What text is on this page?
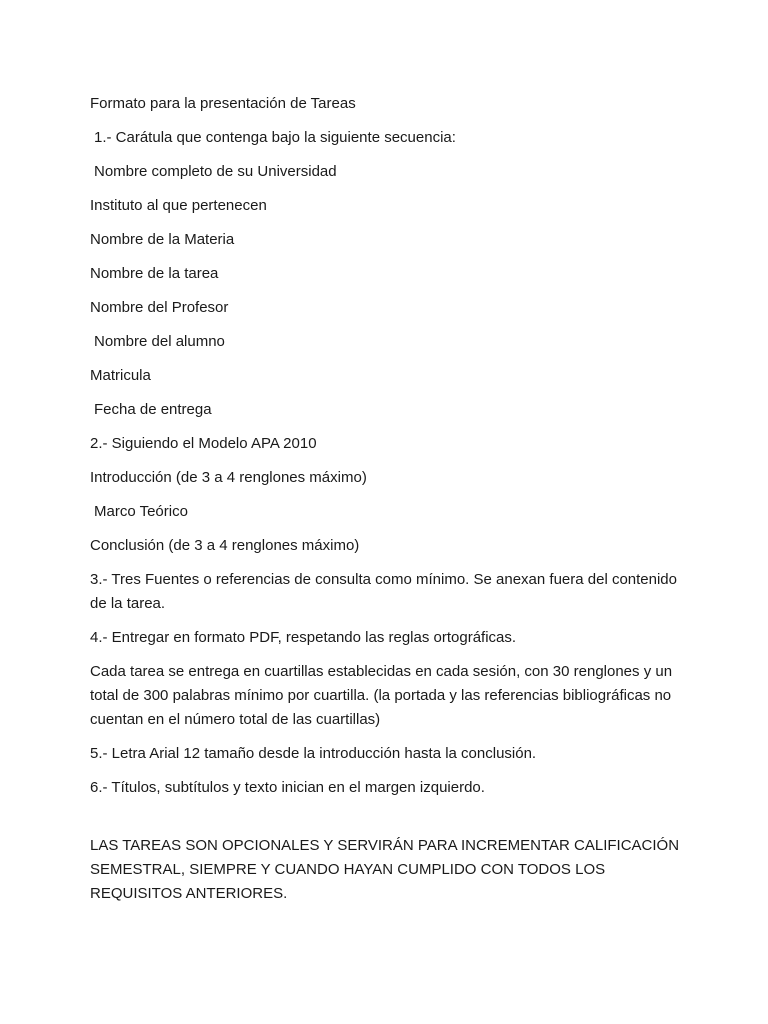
Formato para la presentación de Tareas

1.- Carátula que contenga bajo la siguiente secuencia:

Nombre completo de su Universidad

Instituto al que pertenecen

Nombre de la Materia

Nombre de la tarea

Nombre del Profesor

Nombre del alumno

Matricula

Fecha de entrega

2.- Siguiendo el Modelo APA 2010

Introducción (de 3 a 4 renglones máximo)

Marco Teórico

Conclusión (de 3 a 4 renglones máximo)

3.- Tres Fuentes o referencias de consulta como mínimo. Se anexan fuera del contenido de la tarea.

4.- Entregar en formato PDF, respetando las reglas ortográficas.

Cada tarea se entrega en cuartillas establecidas en cada sesión, con 30 renglones y un total de 300 palabras mínimo por cuartilla. (la portada y las referencias bibliográficas no cuentan en el número total de las cuartillas)

5.- Letra Arial 12 tamaño desde la introducción hasta la conclusión.

6.- Títulos, subtítulos y texto inician en el margen izquierdo.

LAS TAREAS SON OPCIONALES Y SERVIRÁN PARA INCREMENTAR CALIFICACIÓN SEMESTRAL, SIEMPRE Y CUANDO HAYAN CUMPLIDO CON TODOS LOS REQUISITOS ANTERIORES.
